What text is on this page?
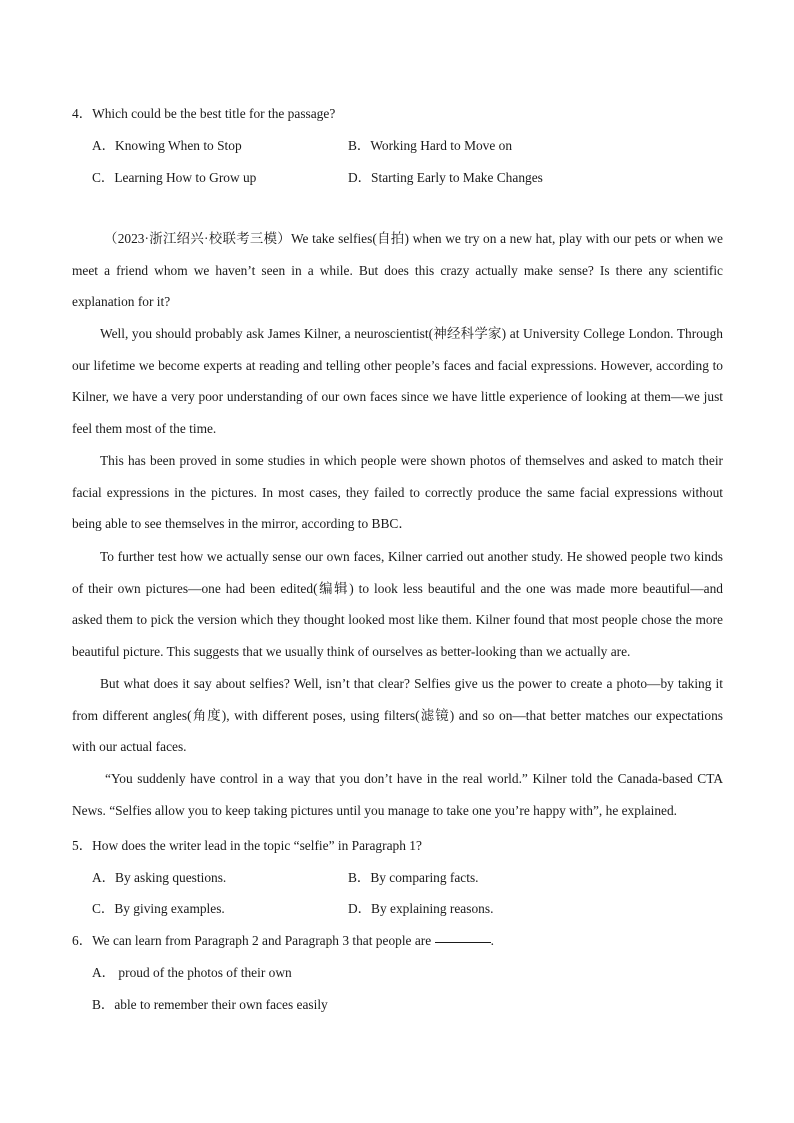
4．Which could be the best title for the passage?
A．Knowing When to Stop	B．Working Hard to Move on
C．Learning How to Grow up	D．Starting Early to Make Changes

（2023·浙江绍兴·校联考三模）We take selfies(自拍) when we try on a new hat, play with our pets or when we meet a friend whom we haven’t seen in a while. But does this crazy actually make sense? Is there any scientific explanation for it?

Well, you should probably ask James Kilner, a neuroscientist(神经科学家) at University College London. Through our lifetime we become experts at reading and telling other people’s faces and facial expressions. However, according to Kilner, we have a very poor understanding of our own faces since we have little experience of looking at them—we just feel them most of the time.

This has been proved in some studies in which people were shown photos of themselves and asked to match their facial expressions in the pictures. In most cases, they failed to correctly produce the same facial expressions without being able to see themselves in the mirror, according to BBC．

To further test how we actually sense our own faces, Kilner carried out another study. He showed people two kinds of their own pictures—one had been edited(编辑) to look less beautiful and the one was made more beautiful—and asked them to pick the version which they thought looked most like them. Kilner found that most people chose the more beautiful picture. This suggests that we usually think of ourselves as better-looking than we actually are.

But what does it say about selfies? Well, isn’t that clear? Selfies give us the power to create a photo—by taking it from different angles(角度), with different poses, using filters(滤镜) and so on—that better matches our expectations with our actual faces.

“You suddenly have control in a way that you don’t have in the real world.” Kilner told the Canada-based CTA News. “Selfies allow you to keep taking pictures until you manage to take one you’re happy with”, he explained.

5．How does the writer lead in the topic “selfie” in Paragraph 1?
A．By asking questions.	B．By comparing facts.
C．By giving examples.	D．By explaining reasons.
6．We can learn from Paragraph 2 and Paragraph 3 that people are	.
A． proud of the photos of their own
B．able to remember their own faces easily
